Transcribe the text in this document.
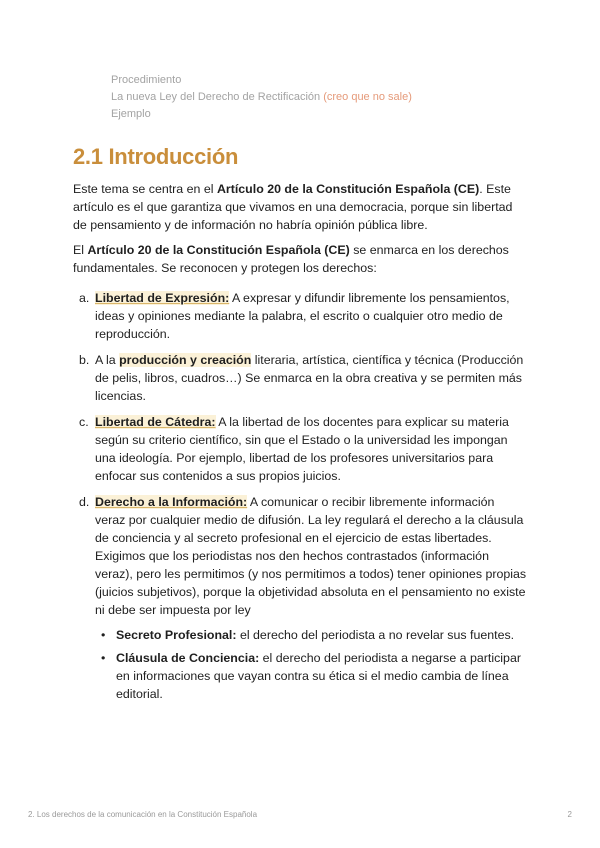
Procedimiento
La nueva Ley del Derecho de Rectificación (creo que no sale)
Ejemplo
2.1 Introducción

Este tema se centra en el Artículo 20 de la Constitución Española (CE). Este artículo es el que garantiza que vivamos en una democracia, porque sin libertad de pensamiento y de información no habría opinión pública libre.

El Artículo 20 de la Constitución Española (CE) se enmarca en los derechos fundamentales. Se reconocen y protegen los derechos:

a. Libertad de Expresión: A expresar y difundir libremente los pensamientos, ideas y opiniones mediante la palabra, el escrito o cualquier otro medio de reproducción.
b. A la producción y creación literaria, artística, científica y técnica (Producción de pelis, libros, cuadros…) Se enmarca en la obra creativa y se permiten más licencias.
c. Libertad de Cátedra: A la libertad de los docentes para explicar su materia según su criterio científico, sin que el Estado o la universidad les impongan una ideología. Por ejemplo, libertad de los profesores universitarios para enfocar sus contenidos a sus propios juicios.
d. Derecho a la Información: A comunicar o recibir libremente información veraz por cualquier medio de difusión. La ley regulará el derecho a la cláusula de conciencia y al secreto profesional en el ejercicio de estas libertades.

Exigimos que los periodistas nos den hechos contrastados (información veraz), pero les permitimos (y nos permitimos a todos) tener opiniones propias (juicios subjetivos), porque la objetividad absoluta en el pensamiento no existe ni debe ser impuesta por ley

• Secreto Profesional: el derecho del periodista a no revelar sus fuentes.
• Cláusula de Conciencia: el derecho del periodista a negarse a participar en informaciones que vayan contra su ética si el medio cambia de línea editorial.
2. Los derechos de la comunicación en la Constitución Española	2
